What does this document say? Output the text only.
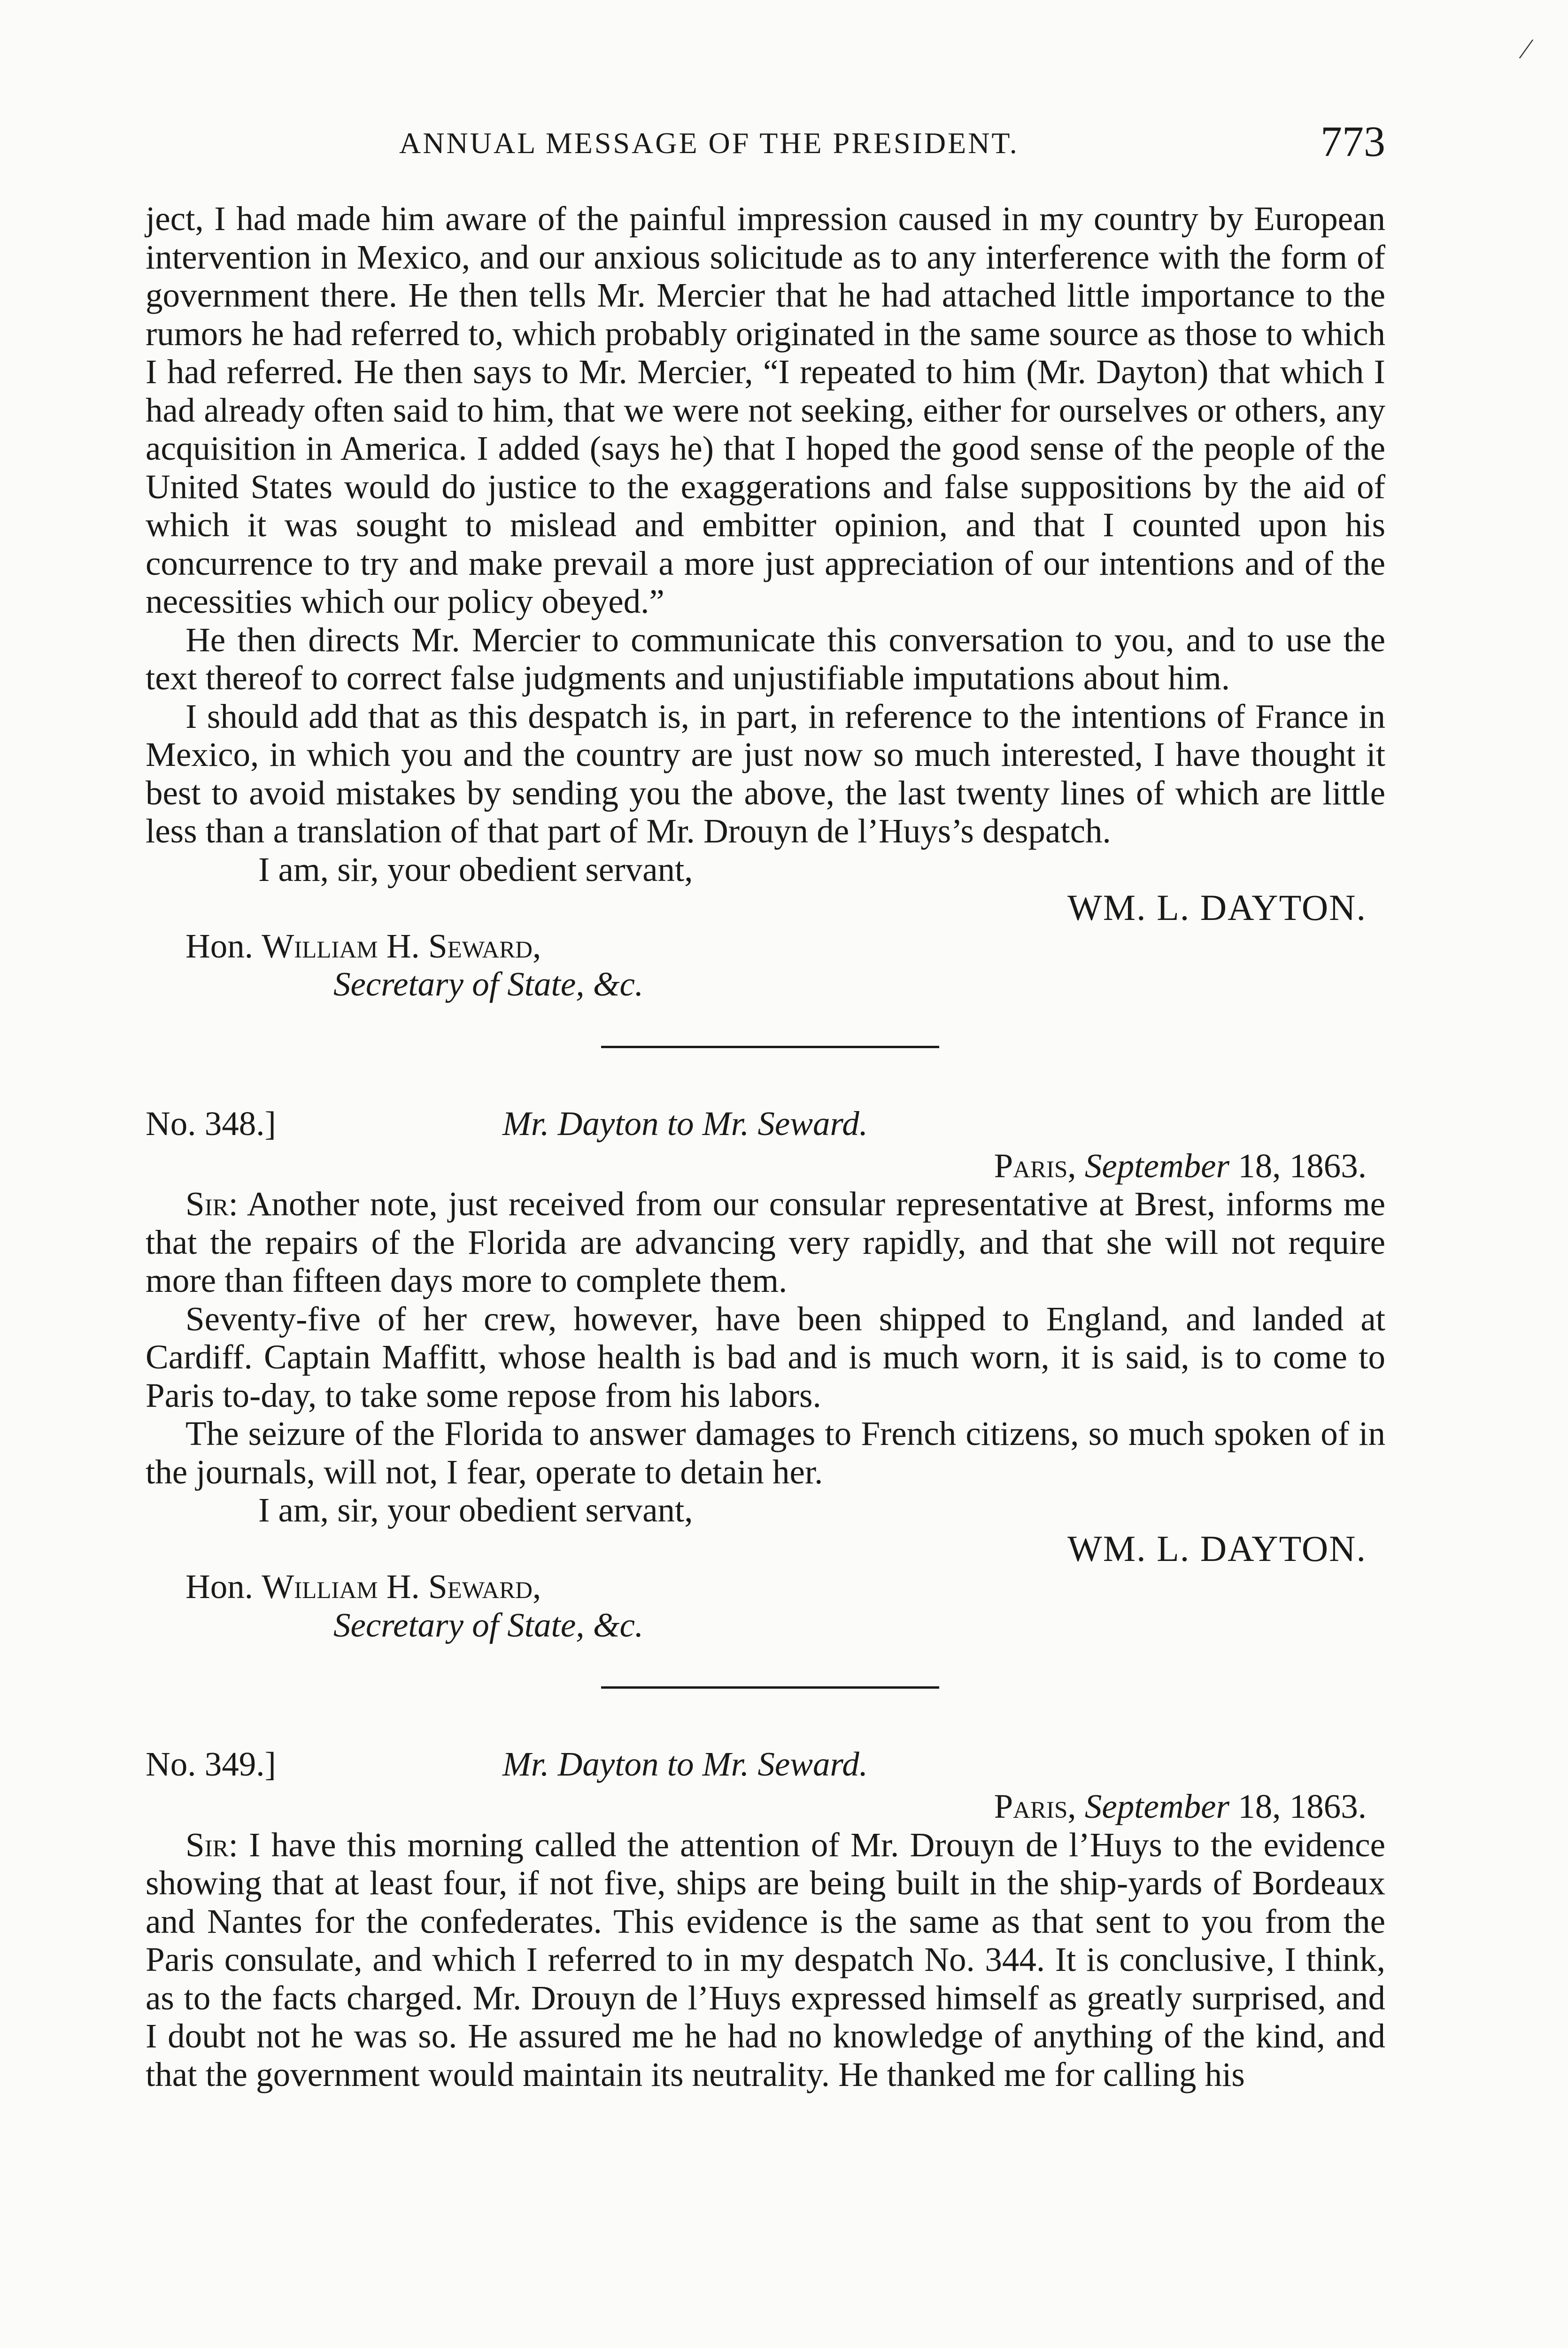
ANNUAL MESSAGE OF THE PRESIDENT.	773
⁄

ject, I had made him aware of the painful impression caused in my country by European intervention in Mexico, and our anxious solicitude as to any interference with the form of government there. He then tells Mr. Mercier that he had attached little importance to the rumors he had referred to, which probably originated in the same source as those to which I had referred. He then says to Mr. Mercier, “I repeated to him (Mr. Dayton) that which I had already often said to him, that we were not seeking, either for ourselves or others, any acquisition in America. I added (says he) that I hoped the good sense of the people of the United States would do justice to the exaggerations and false suppositions by the aid of which it was sought to mislead and embitter opinion, and that I counted upon his concurrence to try and make prevail a more just appreciation of our intentions and of the necessities which our policy obeyed.”

He then directs Mr. Mercier to communicate this conversation to you, and to use the text thereof to correct false judgments and unjustifiable imputations about him.

I should add that as this despatch is, in part, in reference to the intentions of France in Mexico, in which you and the country are just now so much interested, I have thought it best to avoid mistakes by sending you the above, the last twenty lines of which are little less than a translation of that part of Mr. Drouyn de l’Huys’s despatch.

I am, sir, your obedient servant,

WM. L. DAYTON.

Hon. William H. Seward,

Secretary of State, &c.

No. 348.]	Mr. Dayton to Mr. Seward.

Paris, September 18, 1863.

Sir: Another note, just received from our consular representative at Brest, informs me that the repairs of the Florida are advancing very rapidly, and that she will not require more than fifteen days more to complete them.

Seventy-five of her crew, however, have been shipped to England, and landed at Cardiff. Captain Maffitt, whose health is bad and is much worn, it is said, is to come to Paris to-day, to take some repose from his labors.

The seizure of the Florida to answer damages to French citizens, so much spoken of in the journals, will not, I fear, operate to detain her.

I am, sir, your obedient servant,

WM. L. DAYTON.

Hon. William H. Seward,

Secretary of State, &c.

No. 349.]	Mr. Dayton to Mr. Seward.

Paris, September 18, 1863.

Sir: I have this morning called the attention of Mr. Drouyn de l’Huys to the evidence showing that at least four, if not five, ships are being built in the ship-yards of Bordeaux and Nantes for the confederates. This evidence is the same as that sent to you from the Paris consulate, and which I referred to in my despatch No. 344. It is conclusive, I think, as to the facts charged. Mr. Drouyn de l’Huys expressed himself as greatly surprised, and I doubt not he was so. He assured me he had no knowledge of anything of the kind, and that the government would maintain its neutrality. He thanked me for calling his
